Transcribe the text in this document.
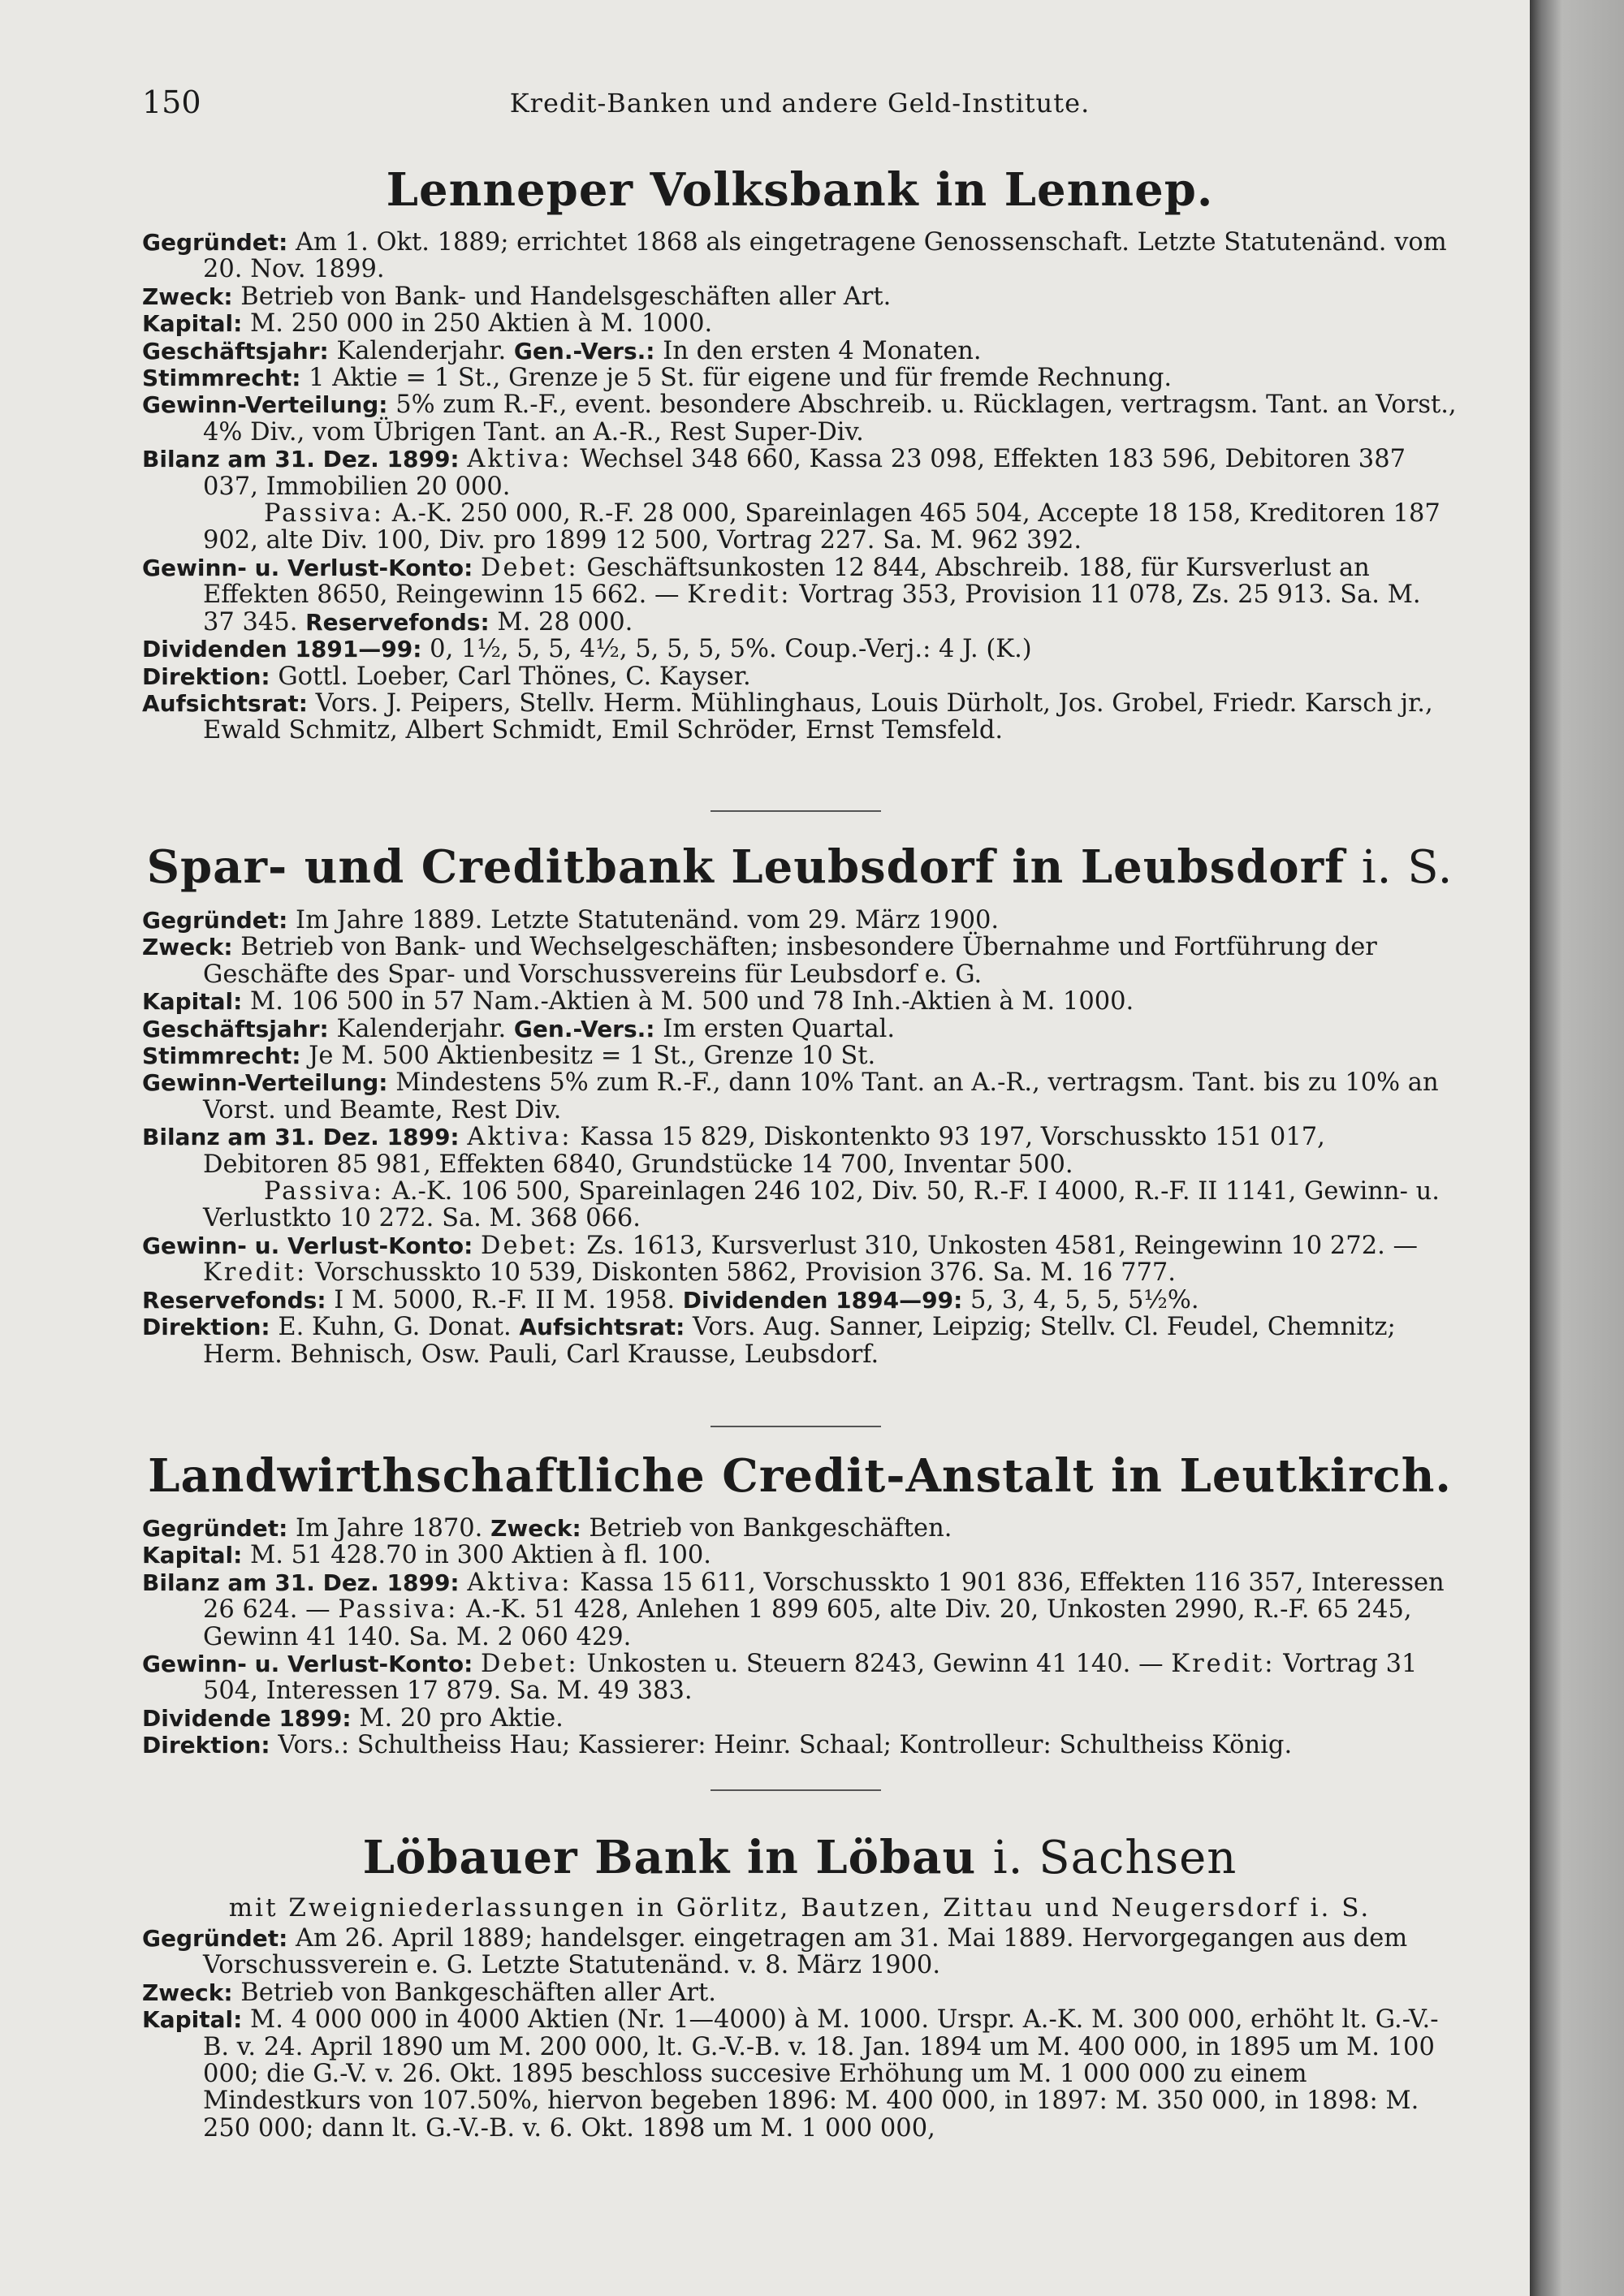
150	Kredit-Banken und andere Geld-Institute.
Lenneper Volksbank in Lennep.

Gegründet: Am 1. Okt. 1889; errichtet 1868 als eingetragene Genossenschaft. Letzte Statutenänd. vom 20. Nov. 1899.

Zweck: Betrieb von Bank- und Handelsgeschäften aller Art.

Kapital: M. 250 000 in 250 Aktien à M. 1000.

Geschäftsjahr: Kalenderjahr. Gen.-Vers.: In den ersten 4 Monaten.

Stimmrecht: 1 Aktie = 1 St., Grenze je 5 St. für eigene und für fremde Rechnung.

Gewinn-Verteilung: 5% zum R.-F., event. besondere Abschreib. u. Rücklagen, vertragsm. Tant. an Vorst., 4% Div., vom Übrigen Tant. an A.-R., Rest Super-Div.

Bilanz am 31. Dez. 1899: Aktiva: Wechsel 348 660, Kassa 23 098, Effekten 183 596, Debitoren 387 037, Immobilien 20 000.

Passiva: A.-K. 250 000, R.-F. 28 000, Spareinlagen 465 504, Accepte 18 158, Kreditoren 187 902, alte Div. 100, Div. pro 1899 12 500, Vortrag 227. Sa. M. 962 392.

Gewinn- u. Verlust-Konto: Debet: Geschäftsunkosten 12 844, Abschreib. 188, für Kursverlust an Effekten 8650, Reingewinn 15 662. — Kredit: Vortrag 353, Provision 11 078, Zs. 25 913. Sa. M. 37 345. Reservefonds: M. 28 000.

Dividenden 1891—99: 0, 1½, 5, 5, 4½, 5, 5, 5, 5%. Coup.-Verj.: 4 J. (K.)

Direktion: Gottl. Loeber, Carl Thönes, C. Kayser.

Aufsichtsrat: Vors. J. Peipers, Stellv. Herm. Mühlinghaus, Louis Dürholt, Jos. Grobel, Friedr. Karsch jr., Ewald Schmitz, Albert Schmidt, Emil Schröder, Ernst Temsfeld.

Spar- und Creditbank Leubsdorf in Leubsdorf i. S.

Gegründet: Im Jahre 1889. Letzte Statutenänd. vom 29. März 1900.

Zweck: Betrieb von Bank- und Wechselgeschäften; insbesondere Übernahme und Fortführung der Geschäfte des Spar- und Vorschussvereins für Leubsdorf e. G.

Kapital: M. 106 500 in 57 Nam.-Aktien à M. 500 und 78 Inh.-Aktien à M. 1000.

Geschäftsjahr: Kalenderjahr. Gen.-Vers.: Im ersten Quartal.

Stimmrecht: Je M. 500 Aktienbesitz = 1 St., Grenze 10 St.

Gewinn-Verteilung: Mindestens 5% zum R.-F., dann 10% Tant. an A.-R., vertragsm. Tant. bis zu 10% an Vorst. und Beamte, Rest Div.

Bilanz am 31. Dez. 1899: Aktiva: Kassa 15 829, Diskontenkto 93 197, Vorschusskto 151 017, Debitoren 85 981, Effekten 6840, Grundstücke 14 700, Inventar 500.

Passiva: A.-K. 106 500, Spareinlagen 246 102, Div. 50, R.-F. I 4000, R.-F. II 1141, Gewinn- u. Verlustkto 10 272. Sa. M. 368 066.

Gewinn- u. Verlust-Konto: Debet: Zs. 1613, Kursverlust 310, Unkosten 4581, Reingewinn 10 272. — Kredit: Vorschusskto 10 539, Diskonten 5862, Provision 376. Sa. M. 16 777.

Reservefonds: I M. 5000, R.-F. II M. 1958. Dividenden 1894—99: 5, 3, 4, 5, 5, 5½%.

Direktion: E. Kuhn, G. Donat. Aufsichtsrat: Vors. Aug. Sanner, Leipzig; Stellv. Cl. Feudel, Chemnitz; Herm. Behnisch, Osw. Pauli, Carl Krausse, Leubsdorf.

Landwirthschaftliche Credit-Anstalt in Leutkirch.

Gegründet: Im Jahre 1870. Zweck: Betrieb von Bankgeschäften.

Kapital: M. 51 428.70 in 300 Aktien à fl. 100.

Bilanz am 31. Dez. 1899: Aktiva: Kassa 15 611, Vorschusskto 1 901 836, Effekten 116 357, Interessen 26 624. — Passiva: A.-K. 51 428, Anlehen 1 899 605, alte Div. 20, Unkosten 2990, R.-F. 65 245, Gewinn 41 140. Sa. M. 2 060 429.

Gewinn- u. Verlust-Konto: Debet: Unkosten u. Steuern 8243, Gewinn 41 140. — Kredit: Vortrag 31 504, Interessen 17 879. Sa. M. 49 383.

Dividende 1899: M. 20 pro Aktie.

Direktion: Vors.: Schultheiss Hau; Kassierer: Heinr. Schaal; Kontrolleur: Schultheiss König.

Löbauer Bank in Löbau i. Sachsen
mit Zweigniederlassungen in Görlitz, Bautzen, Zittau und Neugersdorf i. S.

Gegründet: Am 26. April 1889; handelsger. eingetragen am 31. Mai 1889. Hervorgegangen aus dem Vorschussverein e. G. Letzte Statutenänd. v. 8. März 1900.

Zweck: Betrieb von Bankgeschäften aller Art.

Kapital: M. 4 000 000 in 4000 Aktien (Nr. 1—4000) à M. 1000. Urspr. A.-K. M. 300 000, erhöht lt. G.-V.-B. v. 24. April 1890 um M. 200 000, lt. G.-V.-B. v. 18. Jan. 1894 um M. 400 000, in 1895 um M. 100 000; die G.-V. v. 26. Okt. 1895 beschloss succesive Erhöhung um M. 1 000 000 zu einem Mindestkurs von 107.50%, hiervon begeben 1896: M. 400 000, in 1897: M. 350 000, in 1898: M. 250 000; dann lt. G.-V.-B. v. 6. Okt. 1898 um M. 1 000 000,
